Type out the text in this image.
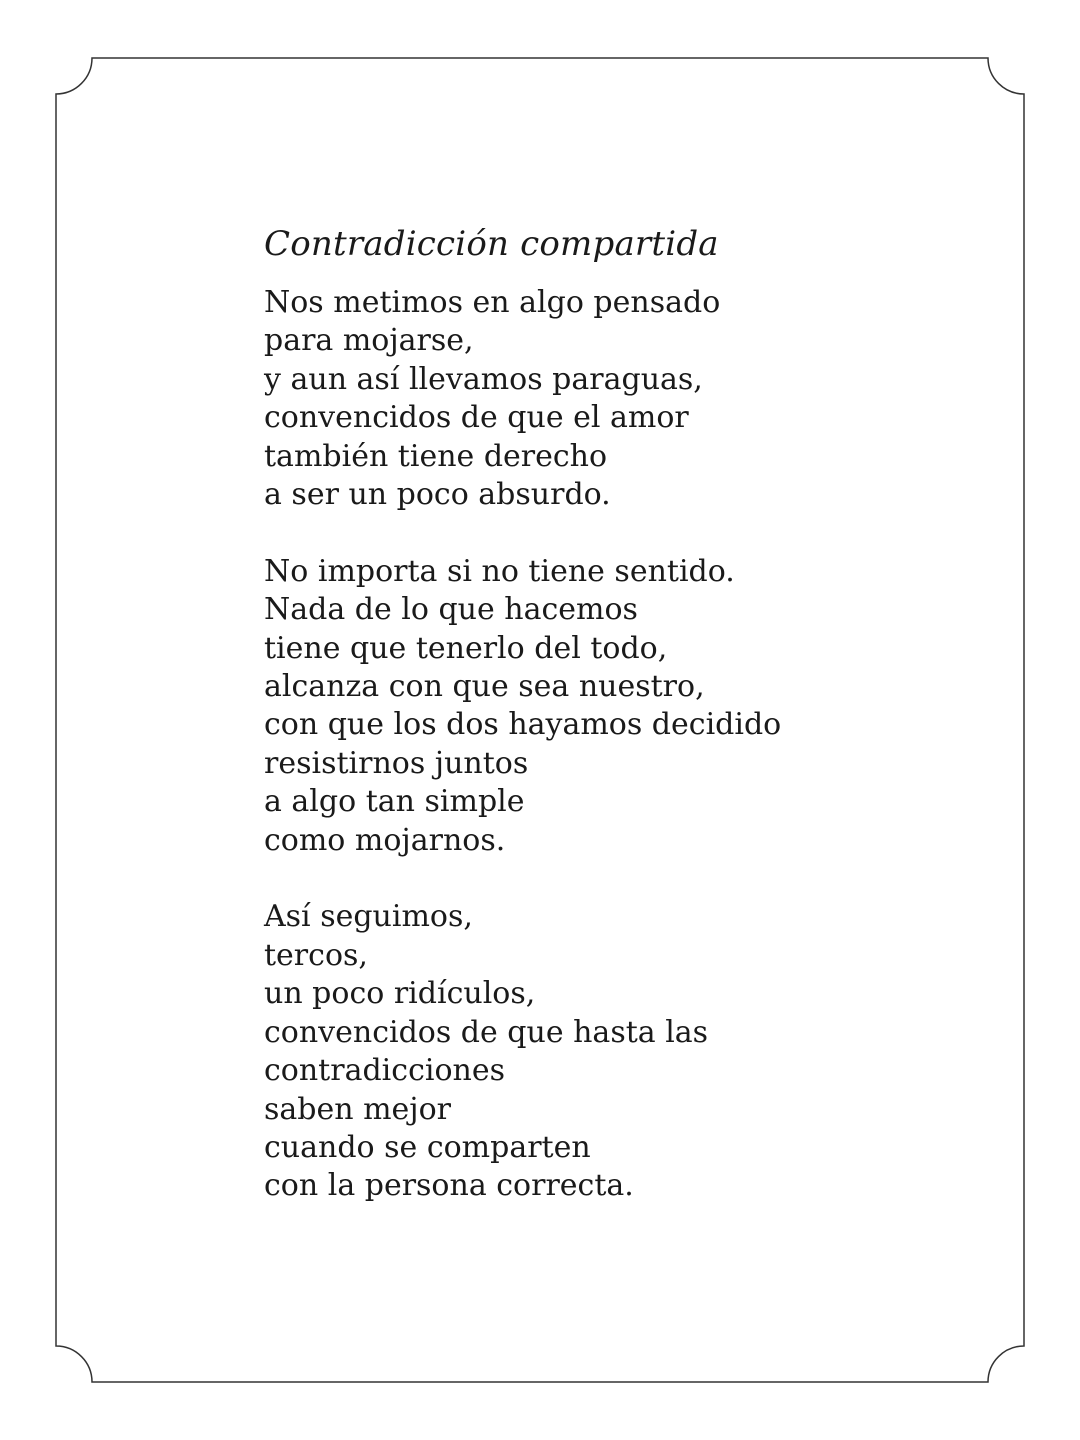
Contradicción compartida
Nos metimos en algo pensado
para mojarse,
y aun así llevamos paraguas,
convencidos de que el amor
también tiene derecho
a ser un poco absurdo.
No importa si no tiene sentido.
Nada de lo que hacemos
tiene que tenerlo del todo,
alcanza con que sea nuestro,
con que los dos hayamos decidido
resistirnos juntos
a algo tan simple
como mojarnos.
Así seguimos,
tercos,
un poco ridículos,
convencidos de que hasta las
contradicciones
saben mejor
cuando se comparten
con la persona correcta.
